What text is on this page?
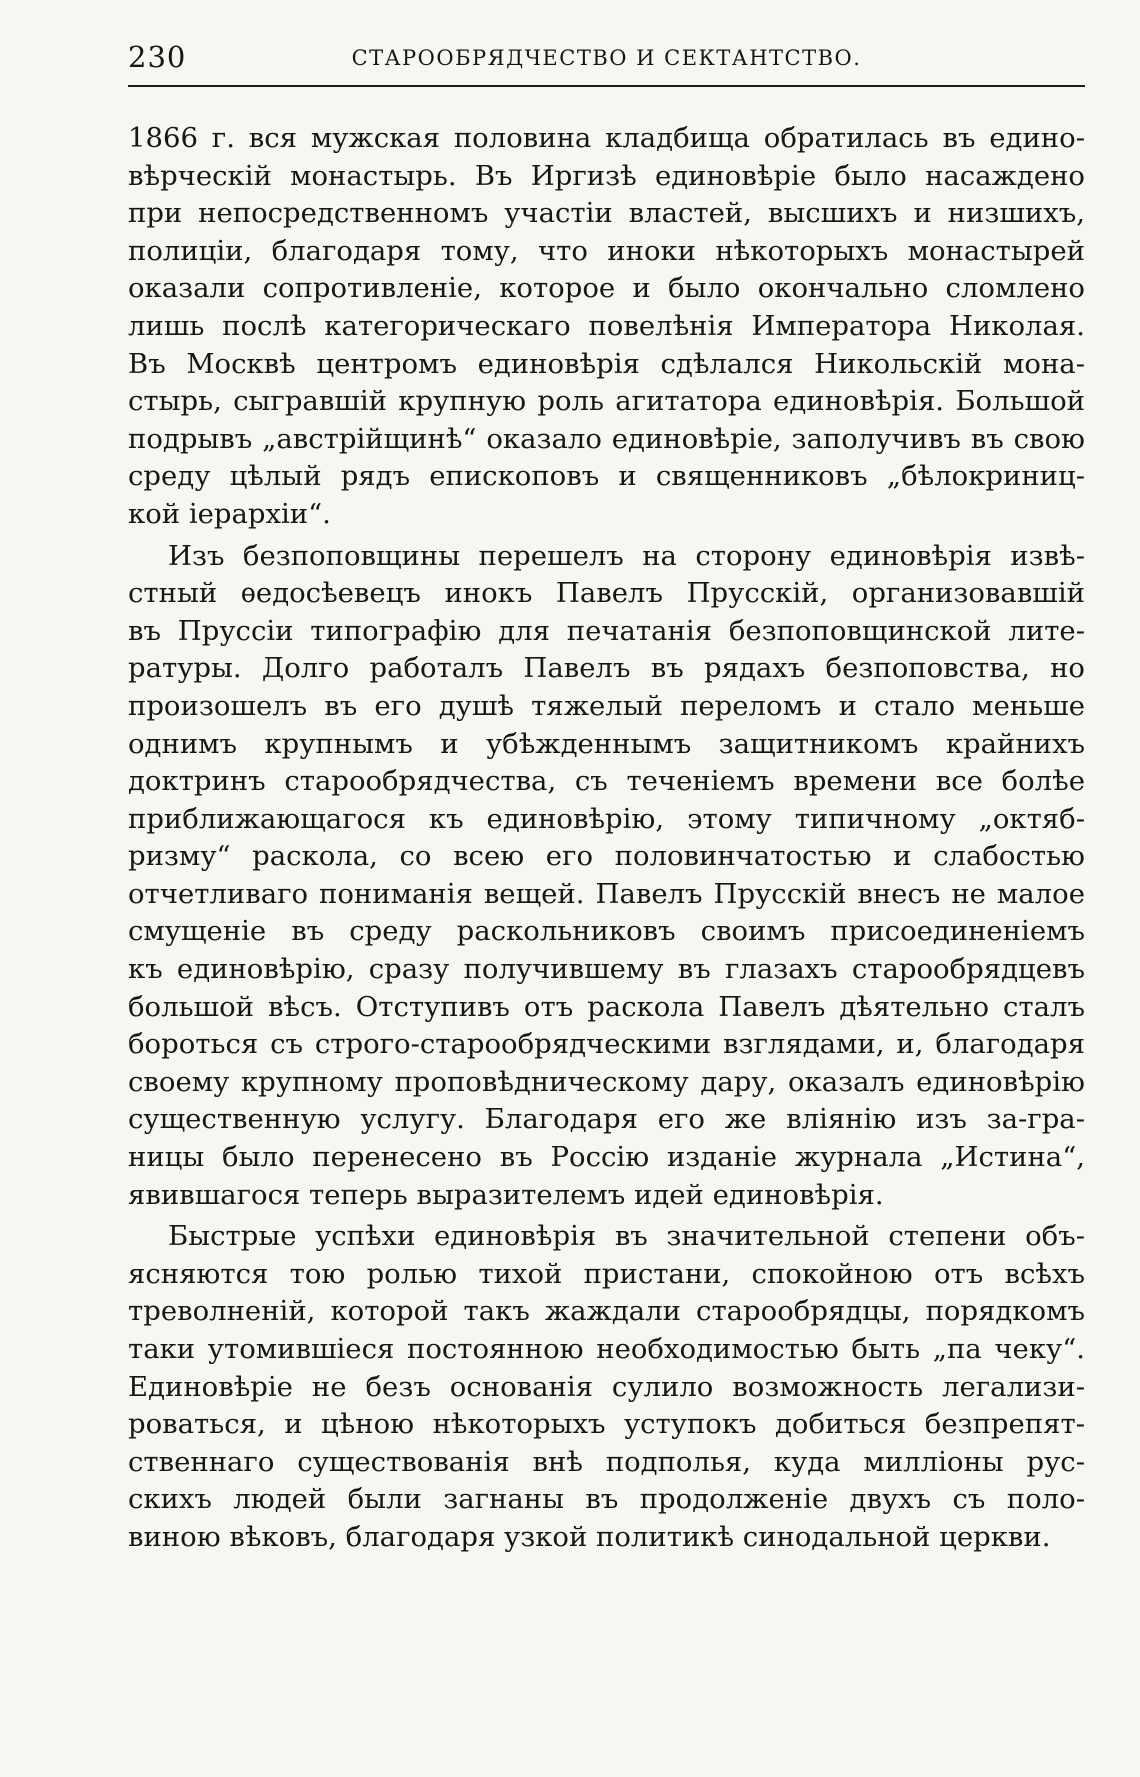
230	СТАРООБРЯДЧЕСТВО И СЕКТАНТСТВО.
1866 г. вся мужская половина кладбища обратилась въ едино-
вѣрческій монастырь. Въ Иргизѣ единовѣріе было насаждено
при непосредственномъ участіи властей, высшихъ и низшихъ,
полиціи, благодаря тому, что иноки нѣкоторыхъ монастырей
оказали сопротивленіе, которое и было окончально сломлено
лишь послѣ категорическаго повелѣнія Императора Николая.
Въ Москвѣ центромъ единовѣрія сдѣлался Никольскій мона-
стырь, сыгравшій крупную роль агитатора единовѣрія. Большой
подрывъ „австрійщинѣ“ оказало единовѣріе, заполучивъ въ свою
среду цѣлый рядъ епископовъ и священниковъ „бѣлокриниц-
кой іерархіи“.
Изъ безпоповщины перешелъ на сторону единовѣрія извѣ-
стный ѳедосѣевецъ инокъ Павелъ Прусскій, организовавшій
въ Пруссіи типографію для печатанія безпоповщинской лите-
ратуры. Долго работалъ Павелъ въ рядахъ безпоповства, но
произошелъ въ его душѣ тяжелый переломъ и стало меньше
однимъ крупнымъ и убѣжденнымъ защитникомъ крайнихъ
доктринъ старообрядчества, съ теченіемъ времени все болѣе
приближающагося къ единовѣрію, этому типичному „октяб-
ризму“ раскола, со всею его половинчатостью и слабостью
отчетливаго пониманія вещей. Павелъ Прусскій внесъ не малое
смущеніе въ среду раскольниковъ своимъ присоединеніемъ
къ единовѣрію, сразу получившему въ глазахъ старообрядцевъ
большой вѣсъ. Отступивъ отъ раскола Павелъ дѣятельно сталъ
бороться съ строго-старообрядческими взглядами, и, благодаря
своему крупному проповѣдническому дару, оказалъ единовѣрію
существенную услугу. Благодаря его же вліянію изъ за-гра-
ницы было перенесено въ Россію изданіе журнала „Истина“,
явившагося теперь выразителемъ идей единовѣрія.
Быстрые успѣхи единовѣрія въ значительной степени объ-
ясняются тою ролью тихой пристани, спокойною отъ всѣхъ
треволненій, которой такъ жаждали старообрядцы, порядкомъ
таки утомившіеся постоянною необходимостью быть „па чеку“.
Единовѣріе не безъ основанія сулило возможность легализи-
роваться, и цѣною нѣкоторыхъ уступокъ добиться безпрепят-
ственнаго существованія внѣ подполья, куда милліоны рус-
скихъ людей были загнаны въ продолженіе двухъ съ поло-
виною вѣковъ, благодаря узкой политикѣ синодальной церкви.
